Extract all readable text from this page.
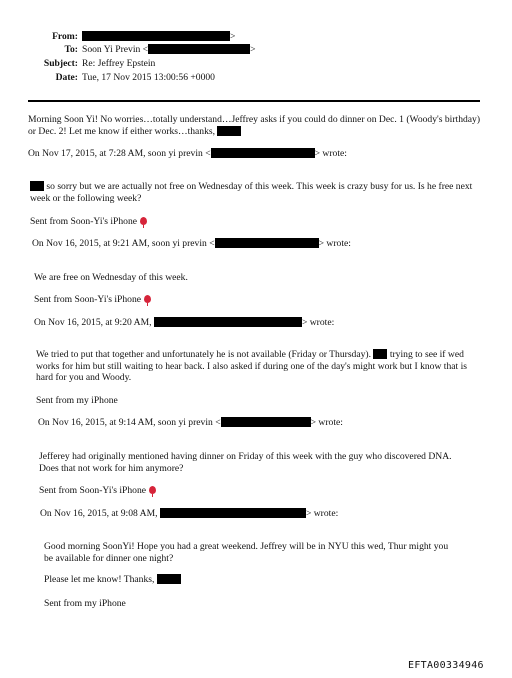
From:	>
To: Soon Yi Previn <	>
Subject: Re: Jeffrey Epstein
Date: Tue, 17 Nov 2015 13:00:56 +0000
Morning Soon Yi! No worries…totally understand…Jeffrey asks if you could do dinner on Dec. 1 (Woody's birthday) or Dec. 2! Let me know if either works…thanks,
On Nov 17, 2015, at 7:28 AM, soon yi previn <	> wrote:
so sorry but we are actually not free on Wednesday of this week. This week is crazy busy for us. Is he free next week or the following week?
Sent from Soon-Yi's iPhone
On Nov 16, 2015, at 9:21 AM, soon yi previn <	> wrote:
We are free on Wednesday of this week.
Sent from Soon-Yi's iPhone
On Nov 16, 2015, at 9:20 AM,	> wrote:
We tried to put that together and unfortunately he is not available (Friday or Thursday).  trying to see if wed works for him but still waiting to hear back. I also asked if during one of the day's might work but I know that is hard for you and Woody.
Sent from my iPhone
On Nov 16, 2015, at 9:14 AM, soon yi previn <	> wrote:
Jefferey had originally mentioned having dinner on Friday of this week with the guy who discovered DNA. Does that not work for him anymore?
Sent from Soon-Yi's iPhone
On Nov 16, 2015, at 9:08 AM,	> wrote:
Good morning SoonYi! Hope you had a great weekend. Jeffrey will be in NYU this wed, Thur might you be available for dinner one night?
Please let me know! Thanks,
Sent from my iPhone
EFTA00334946
